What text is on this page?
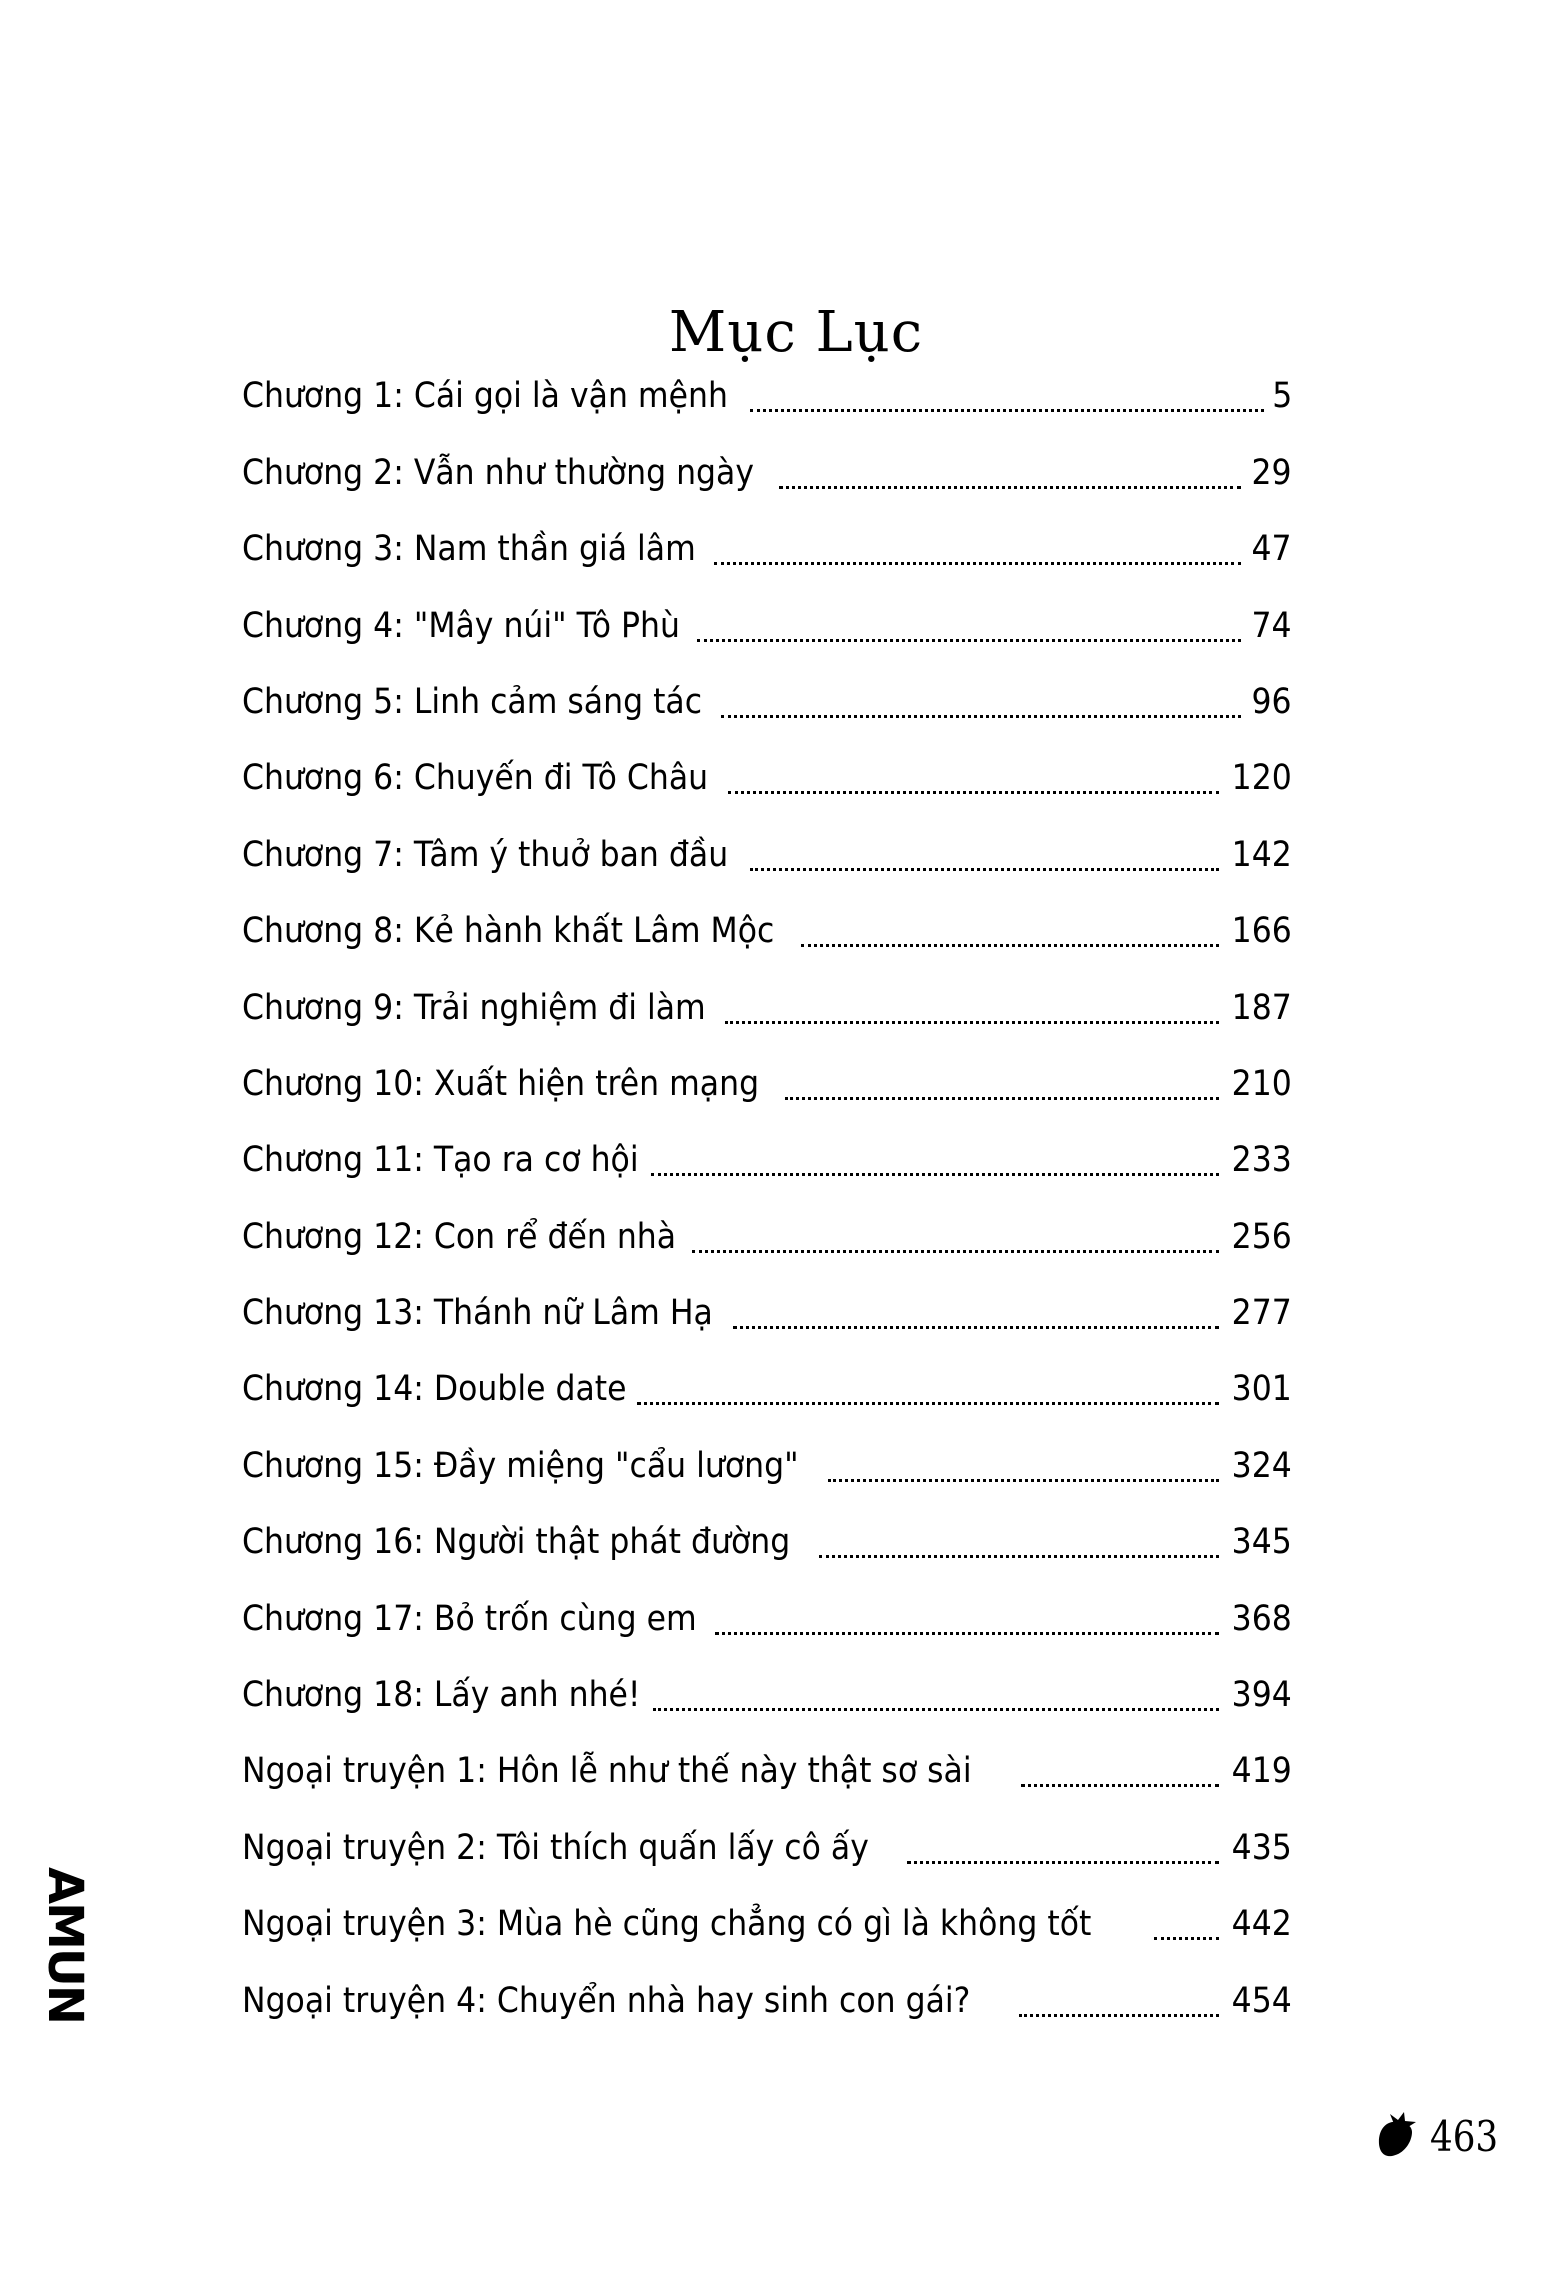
Mục Lục
Chương 1: Cái gọi là vận mệnh	5
Chương 2: Vẫn như thường ngày	29
Chương 3: Nam thần giá lâm	47
Chương 4: "Mây núi" Tô Phù	74
Chương 5: Linh cảm sáng tác	96
Chương 6: Chuyến đi Tô Châu	120
Chương 7: Tâm ý thuở ban đầu	142
Chương 8: Kẻ hành khất Lâm Mộc	166
Chương 9: Trải nghiệm đi làm	187
Chương 10: Xuất hiện trên mạng	210
Chương 11: Tạo ra cơ hội	233
Chương 12: Con rể đến nhà	256
Chương 13: Thánh nữ Lâm Hạ	277
Chương 14: Double date	301
Chương 15: Đầy miệng "cẩu lương"	324
Chương 16: Người thật phát đường	345
Chương 17: Bỏ trốn cùng em	368
Chương 18: Lấy anh nhé!	394
Ngoại truyện 1: Hôn lễ như thế này thật sơ sài	419
Ngoại truyện 2: Tôi thích quấn lấy cô ấy	435
Ngoại truyện 3: Mùa hè cũng chẳng có gì là không tốt	442
Ngoại truyện 4: Chuyển nhà hay sinh con gái?	454
AMUN
463
